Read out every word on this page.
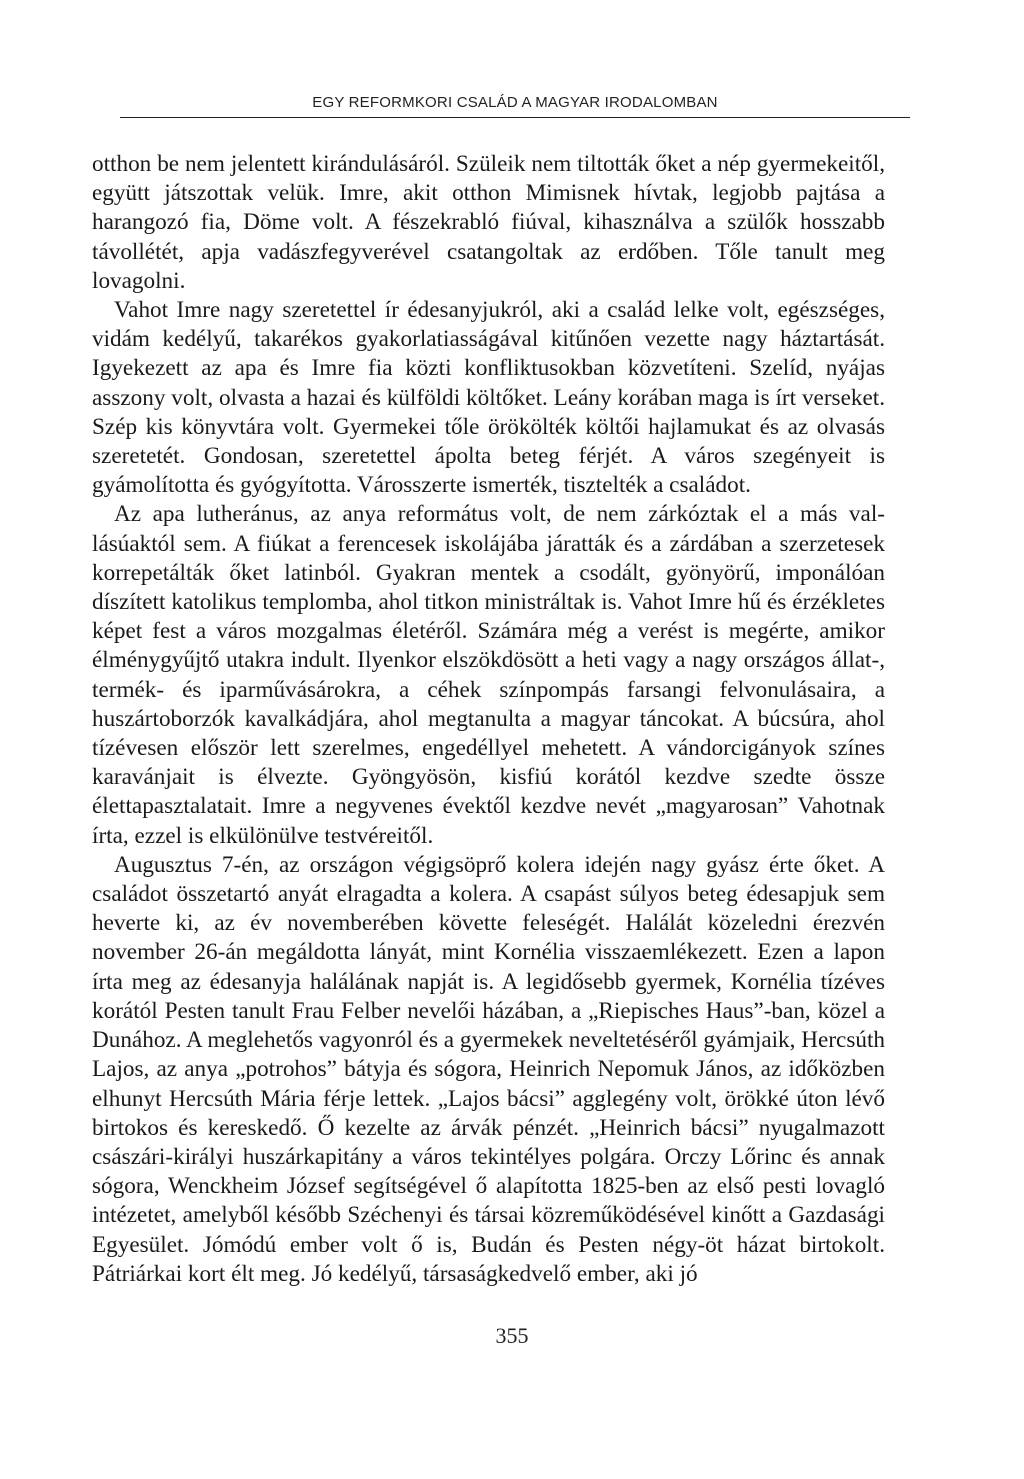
EGY REFORMKORI CSALÁD A MAGYAR IRODALOMBAN

otthon be nem jelentett kirándulásáról. Szüleik nem tiltották őket a nép gyermekeitől, együtt játszottak velük. Imre, akit otthon Mimisnek hívtak, legjobb pajtása a harangozó fia, Döme volt. A fészekrabló fiúval, kihasználva a szülők hosszabb távollétét, apja vadászfegyverével csatangoltak az erdőben. Tőle tanult meg lovagolni.

Vahot Imre nagy szeretettel ír édesanyjukról, aki a család lelke volt, egészséges, vidám kedélyű, takarékos gyakorlatiasságával kitűnően vezette nagy háztartását. Igyekezett az apa és Imre fia közti konfliktusokban közvetíteni. Szelíd, nyájas asszony volt, olvasta a hazai és külföldi költőket. Leány korában maga is írt verseket. Szép kis könyvtára volt. Gyermekei tőle örökölték költői hajlamukat és az olvasás szeretetét. Gondosan, szeretettel ápolta beteg férjét. A város szegényeit is gyámolította és gyógyította. Városszerte ismerték, tisztelték a családot.

Az apa lutheránus, az anya református volt, de nem zárkóztak el a más vallásúaktól sem. A fiúkat a ferencesek iskolájába járatták és a zárdában a szerzetesek korrepetálták őket latinból. Gyakran mentek a csodált, gyönyörű, imponálóan díszített katolikus templomba, ahol titkon ministráltak is. Vahot Imre hű és érzékletes képet fest a város mozgalmas életéről. Számára még a verést is megérte, amikor élménygyűjtő utakra indult. Ilyenkor elszökdösött a heti vagy a nagy országos állat-, termék- és iparművásárokra, a céhek színpompás farsangi felvonulásaira, a huszártoborzók kavalkádjára, ahol megtanulta a magyar táncokat. A búcsúra, ahol tízévesen először lett szerelmes, engedéllyel mehetett. A vándorcigányok színes karavánjait is élvezte. Gyöngyösön, kisfiú korától kezdve szedte össze élettapasztalatait. Imre a negyvenes évektől kezdve nevét „magyarosan” Vahotnak írta, ezzel is elkülönülve testvéreitől.

Augusztus 7-én, az országon végigsöprő kolera idején nagy gyász érte őket. A családot összetartó anyát elragadta a kolera. A csapást súlyos beteg édesapjuk sem heverte ki, az év novemberében követte feleségét. Halálát közeledni érezvén november 26-án megáldotta lányát, mint Kornélia visszaemlékezett. Ezen a lapon írta meg az édesanyja halálának napját is. A legidősebb gyermek, Kornélia tízéves korától Pesten tanult Frau Felber nevelői házában, a „Riepisches Haus”-ban, közel a Dunához. A meglehetős vagyonról és a gyermekek neveltetéséről gyámjaik, Hercsúth Lajos, az anya „potrohos” bátyja és sógora, Heinrich Nepomuk János, az időközben elhunyt Hercsúth Mária férje lettek. „Lajos bácsi” agglegény volt, örökké úton lévő birtokos és kereskedő. Ő kezelte az árvák pénzét. „Heinrich bácsi” nyugalmazott császári-királyi huszárkapitány a város tekintélyes polgára. Orczy Lőrinc és annak sógora, Wenckheim József segítségével ő alapította 1825-ben az első pesti lovagló intézetet, amelyből később Széchenyi és társai közreműködésével kinőtt a Gazdasági Egyesület. Jómódú ember volt ő is, Budán és Pesten négy-öt házat birtokolt. Pátriárkai kort élt meg. Jó kedélyű, társaságkedvelő ember, aki jó

355
